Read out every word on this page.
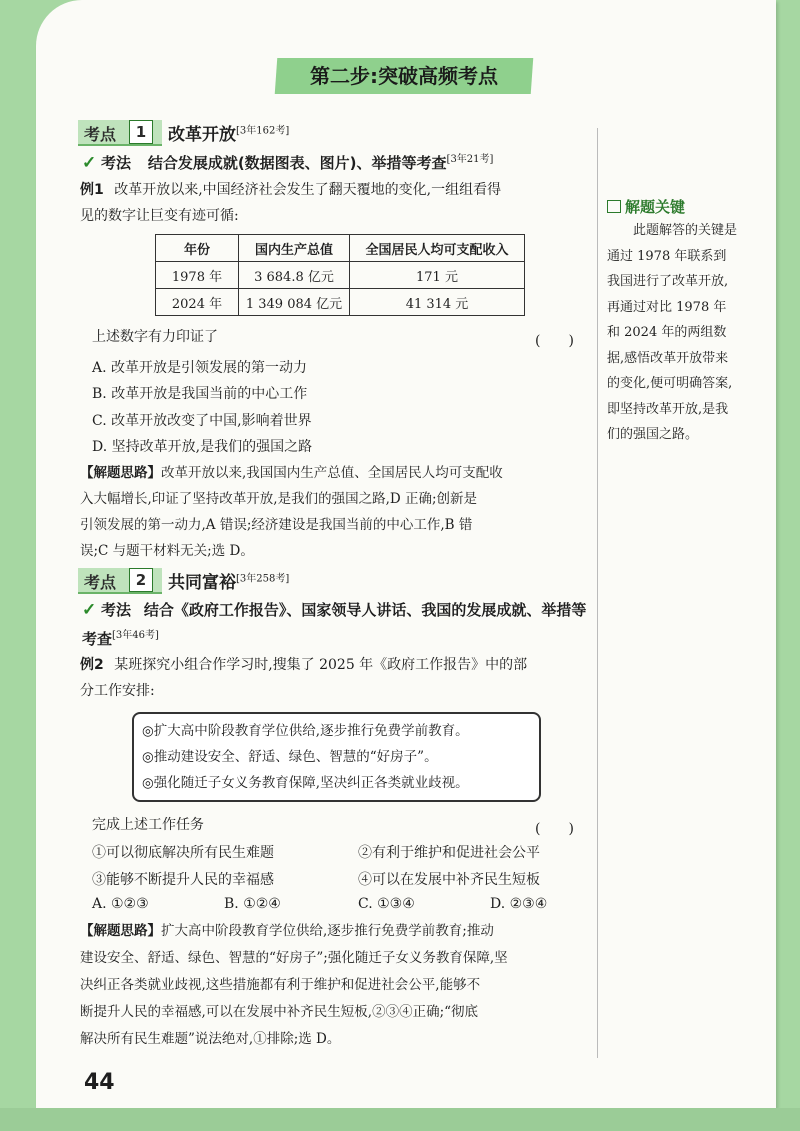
第二步:突破高频考点
解题关键
此题解答的关键是通过 1978 年联系到我国进行了改革开放,再通过对比 1978 年和 2024 年的两组数据,感悟改革开放带来的变化,便可明确答案,即坚持改革开放,是我们的强国之路。
考点	1	改革开放[3年162考]
✓ 考法 结合发展成就(数据图表、图片)、举措等考查[3年21考]
例1 改革开放以来,中国经济社会发生了翻天覆地的变化,一组组看得
见的数字让巨变有迹可循:
年份	国内生产总值	全国居民人均可支配收入
1978 年	3 684.8 亿元	171 元
2024 年	1 349 084 亿元	41 314 元
上述数字有力印证了	(　　)
A. 改革开放是引领发展的第一动力
B. 改革开放是我国当前的中心工作
C. 改革开放改变了中国,影响着世界
D. 坚持改革开放,是我们的强国之路
【解题思路】改革开放以来,我国国内生产总值、全国居民人均可支配收
入大幅增长,印证了坚持改革开放,是我们的强国之路,D 正确;创新是
引领发展的第一动力,A 错误;经济建设是我国当前的中心工作,B 错
误;C 与题干材料无关;选 D。
考点	2	共同富裕[3年258考]
✓ 考法 结合《政府工作报告》、国家领导人讲话、我国的发展成就、举措等
考查[3年46考]
例2 某班探究小组合作学习时,搜集了 2025 年《政府工作报告》中的部
分工作安排:
◎扩大高中阶段教育学位供给,逐步推行免费学前教育。
◎推动建设安全、舒适、绿色、智慧的“好房子”。
◎强化随迁子女义务教育保障,坚决纠正各类就业歧视。
完成上述工作任务	(　　)
①可以彻底解决所有民生难题	②有利于维护和促进社会公平
③能够不断提升人民的幸福感	④可以在发展中补齐民生短板
A. ①②③	B. ①②④	C. ①③④	D. ②③④
【解题思路】扩大高中阶段教育学位供给,逐步推行免费学前教育;推动
建设安全、舒适、绿色、智慧的“好房子”;强化随迁子女义务教育保障,坚
决纠正各类就业歧视,这些措施都有利于维护和促进社会公平,能够不
断提升人民的幸福感,可以在发展中补齐民生短板,②③④正确;“彻底
解决所有民生难题”说法绝对,①排除;选 D。
44
